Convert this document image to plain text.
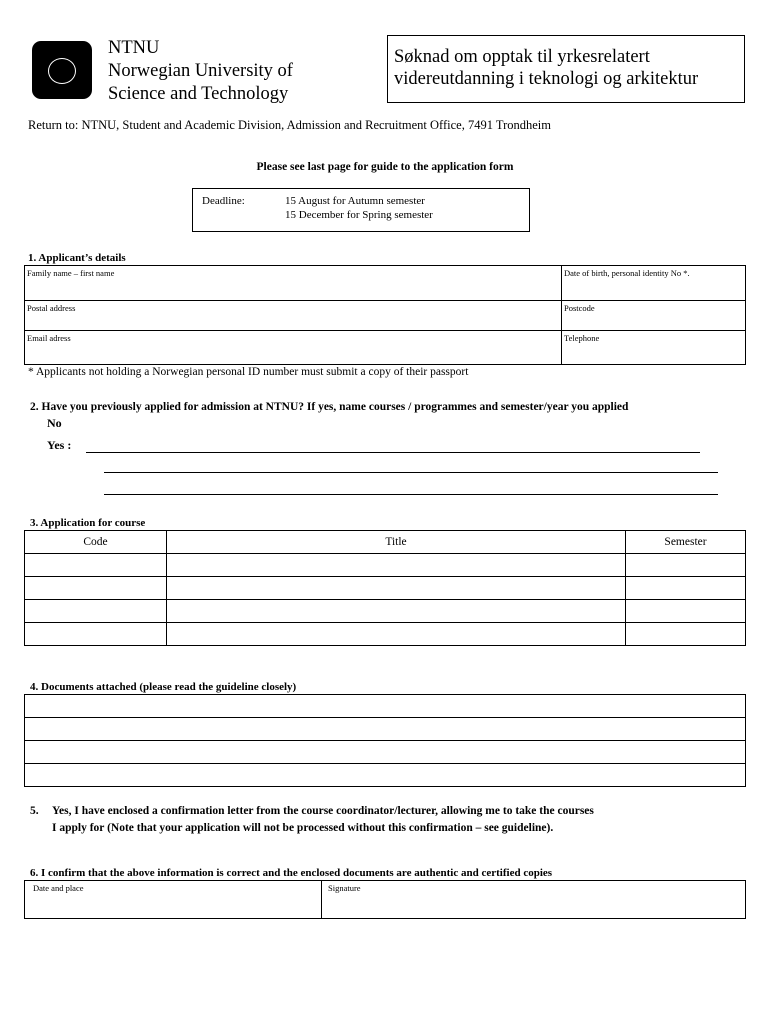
NTNU
Norwegian University of
Science and Technology
Søknad om opptak til yrkesrelatert
videreutdanning i teknologi og arkitektur
Return to: NTNU, Student and Academic Division, Admission and Recruitment Office, 7491 Trondheim
Please see last page for guide to the application form
Deadline:	15 August for Autumn semester
15 December for Spring semester
1. Applicant’s details
Family name – first name	Date of birth, personal identity No *.

Postal address	Postcode

Email adress	Telephone
* Applicants not holding a Norwegian personal ID number must submit a copy of their passport
2. Have you previously applied for admission at NTNU? If yes, name courses / programmes and semester/year you applied
No
Yes :
3. Application for course
Code	Title	Semester

4. Documents attached (please read the guideline closely)

5. Yes, I have enclosed a confirmation letter from the course coordinator/lecturer, allowing me to take the courses
I apply for (Note that your application will not be processed without this confirmation – see guideline).
6. I confirm that the above information is correct and the enclosed documents are authentic and certified copies
Date and place	Signature
